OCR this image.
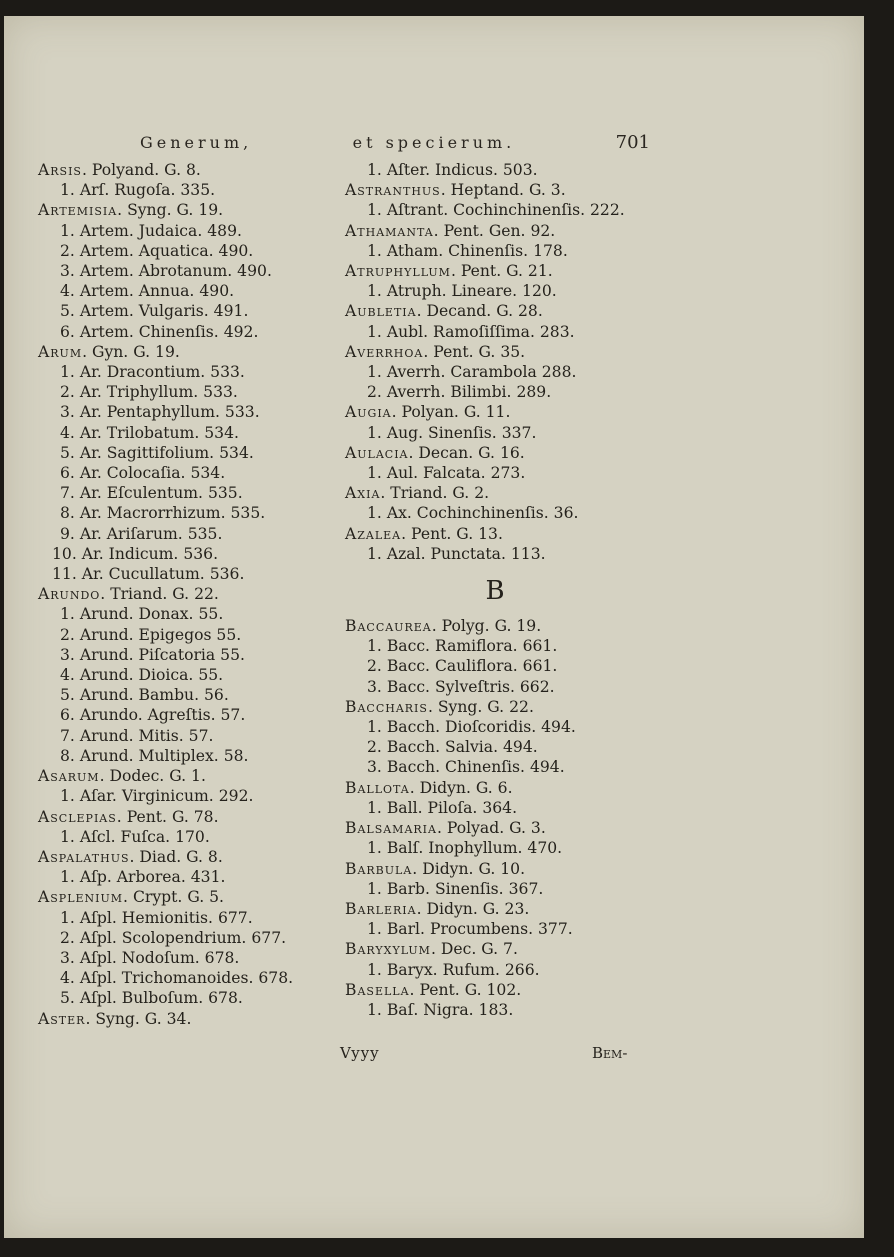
Generum,	et specierum.	701
Arsis. Polyand. G. 8.
1. Arſ. Rugoſa. 335.
Artemisia. Syng. G. 19.
1. Artem. Judaica. 489.
2. Artem. Aquatica. 490.
3. Artem. Abrotanum. 490.
4. Artem. Annua. 490.
5. Artem. Vulgaris. 491.
6. Artem. Chinenſis. 492.
Arum. Gyn. G. 19.
1. Ar. Dracontium. 533.
2. Ar. Triphyllum. 533.
3. Ar. Pentaphyllum. 533.
4. Ar. Trilobatum. 534.
5. Ar. Sagittifolium. 534.
6. Ar. Colocaſia. 534.
7. Ar. Eſculentum. 535.
8. Ar. Macrorrhizum. 535.
9. Ar. Ariſarum. 535.
10. Ar. Indicum. 536.
11. Ar. Cucullatum. 536.
Arundo. Triand. G. 22.
1. Arund. Donax. 55.
2. Arund. Epigegos 55.
3. Arund. Piſcatoria 55.
4. Arund. Dioica. 55.
5. Arund. Bambu. 56.
6. Arundo. Agreſtis. 57.
7. Arund. Mitis. 57.
8. Arund. Multiplex. 58.
Asarum. Dodec. G. 1.
1. Aſar. Virginicum. 292.
Asclepias. Pent. G. 78.
1. Aſcl. Fuſca. 170.
Aspalathus. Diad. G. 8.
1. Aſp. Arborea. 431.
Asplenium. Crypt. G. 5.
1. Aſpl. Hemionitis. 677.
2. Aſpl. Scolopendrium. 677.
3. Aſpl. Nodoſum. 678.
4. Aſpl. Trichomanoides. 678.
5. Aſpl. Bulboſum. 678.
Aster. Syng. G. 34.
1. Aſter. Indicus. 503.
Astranthus. Heptand. G. 3.
1. Aſtrant. Cochinchinenſis. 222.
Athamanta. Pent. Gen. 92.
1. Atham. Chinenſis. 178.
Atruphyllum. Pent. G. 21.
1. Atruph. Lineare. 120.
Aubletia. Decand. G. 28.
1. Aubl. Ramoſiſſima. 283.
Averrhoa. Pent. G. 35.
1. Averrh. Carambola 288.
2. Averrh. Bilimbi. 289.
Augia. Polyan. G. 11.
1. Aug. Sinenſis. 337.
Aulacia. Decan. G. 16.
1. Aul. Falcata. 273.
Axia. Triand. G. 2.
1. Ax. Cochinchinenſis. 36.
Azalea. Pent. G. 13.
1. Azal. Punctata. 113.
B
Baccaurea. Polyg. G. 19.
1. Bacc. Ramiflora. 661.
2. Bacc. Cauliflora. 661.
3. Bacc. Sylveſtris. 662.
Baccharis. Syng. G. 22.
1. Bacch. Dioſcoridis. 494.
2. Bacch. Salvia. 494.
3. Bacch. Chinenſis. 494.
Ballota. Didyn. G. 6.
1. Ball. Piloſa. 364.
Balsamaria. Polyad. G. 3.
1. Balſ. Inophyllum. 470.
Barbula. Didyn. G. 10.
1. Barb. Sinenſis. 367.
Barleria. Didyn. G. 23.
1. Barl. Procumbens. 377.
Baryxylum. Dec. G. 7.
1. Baryx. Rufum. 266.
Basella. Pent. G. 102.
1. Baſ. Nigra. 183.
Vyyy	Bem-
